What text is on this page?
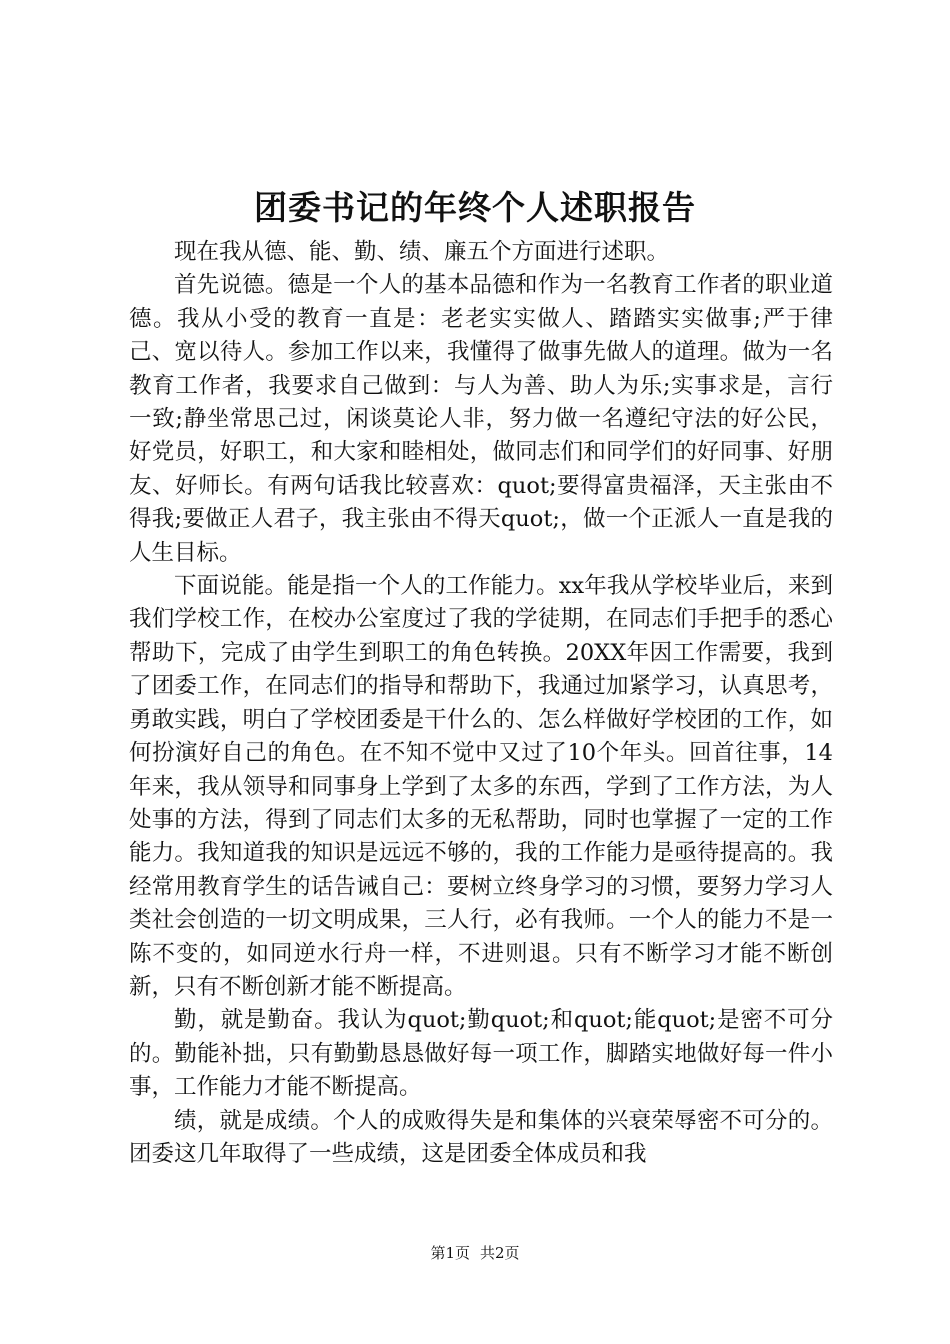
团委书记的年终个人述职报告

现在我从德、能、勤、绩、廉五个方面进行述职。

首先说德。德是一个人的基本品德和作为一名教育工作者的职业道德。我从小受的教育一直是：老老实实做人、踏踏实实做事;严于律己、宽以待人。参加工作以来，我懂得了做事先做人的道理。做为一名教育工作者，我要求自己做到：与人为善、助人为乐;实事求是，言行一致;静坐常思己过，闲谈莫论人非，努力做一名遵纪守法的好公民，好党员，好职工，和大家和睦相处，做同志们和同学们的好同事、好朋友、好师长。有两句话我比较喜欢：quot;要得富贵福泽，天主张由不得我;要做正人君子，我主张由不得天quot;，做一个正派人一直是我的人生目标。

下面说能。能是指一个人的工作能力。xx年我从学校毕业后，来到我们学校工作，在校办公室度过了我的学徒期，在同志们手把手的悉心帮助下，完成了由学生到职工的角色转换。20XX年因工作需要，我到了团委工作，在同志们的指导和帮助下，我通过加紧学习，认真思考，勇敢实践，明白了学校团委是干什么的、怎么样做好学校团的工作，如何扮演好自己的角色。在不知不觉中又过了10个年头。回首往事，14年来，我从领导和同事身上学到了太多的东西，学到了工作方法，为人处事的方法，得到了同志们太多的无私帮助，同时也掌握了一定的工作能力。我知道我的知识是远远不够的，我的工作能力是亟待提高的。我经常用教育学生的话告诫自己：要树立终身学习的习惯，要努力学习人类社会创造的一切文明成果，三人行，必有我师。一个人的能力不是一陈不变的，如同逆水行舟一样，不进则退。只有不断学习才能不断创新，只有不断创新才能不断提高。

勤，就是勤奋。我认为quot;勤quot;和quot;能quot;是密不可分的。勤能补拙，只有勤勤恳恳做好每一项工作，脚踏实地做好每一件小事，工作能力才能不断提高。

绩，就是成绩。个人的成败得失是和集体的兴衰荣辱密不可分的。团委这几年取得了一些成绩，这是团委全体成员和我

第1页 共2页
